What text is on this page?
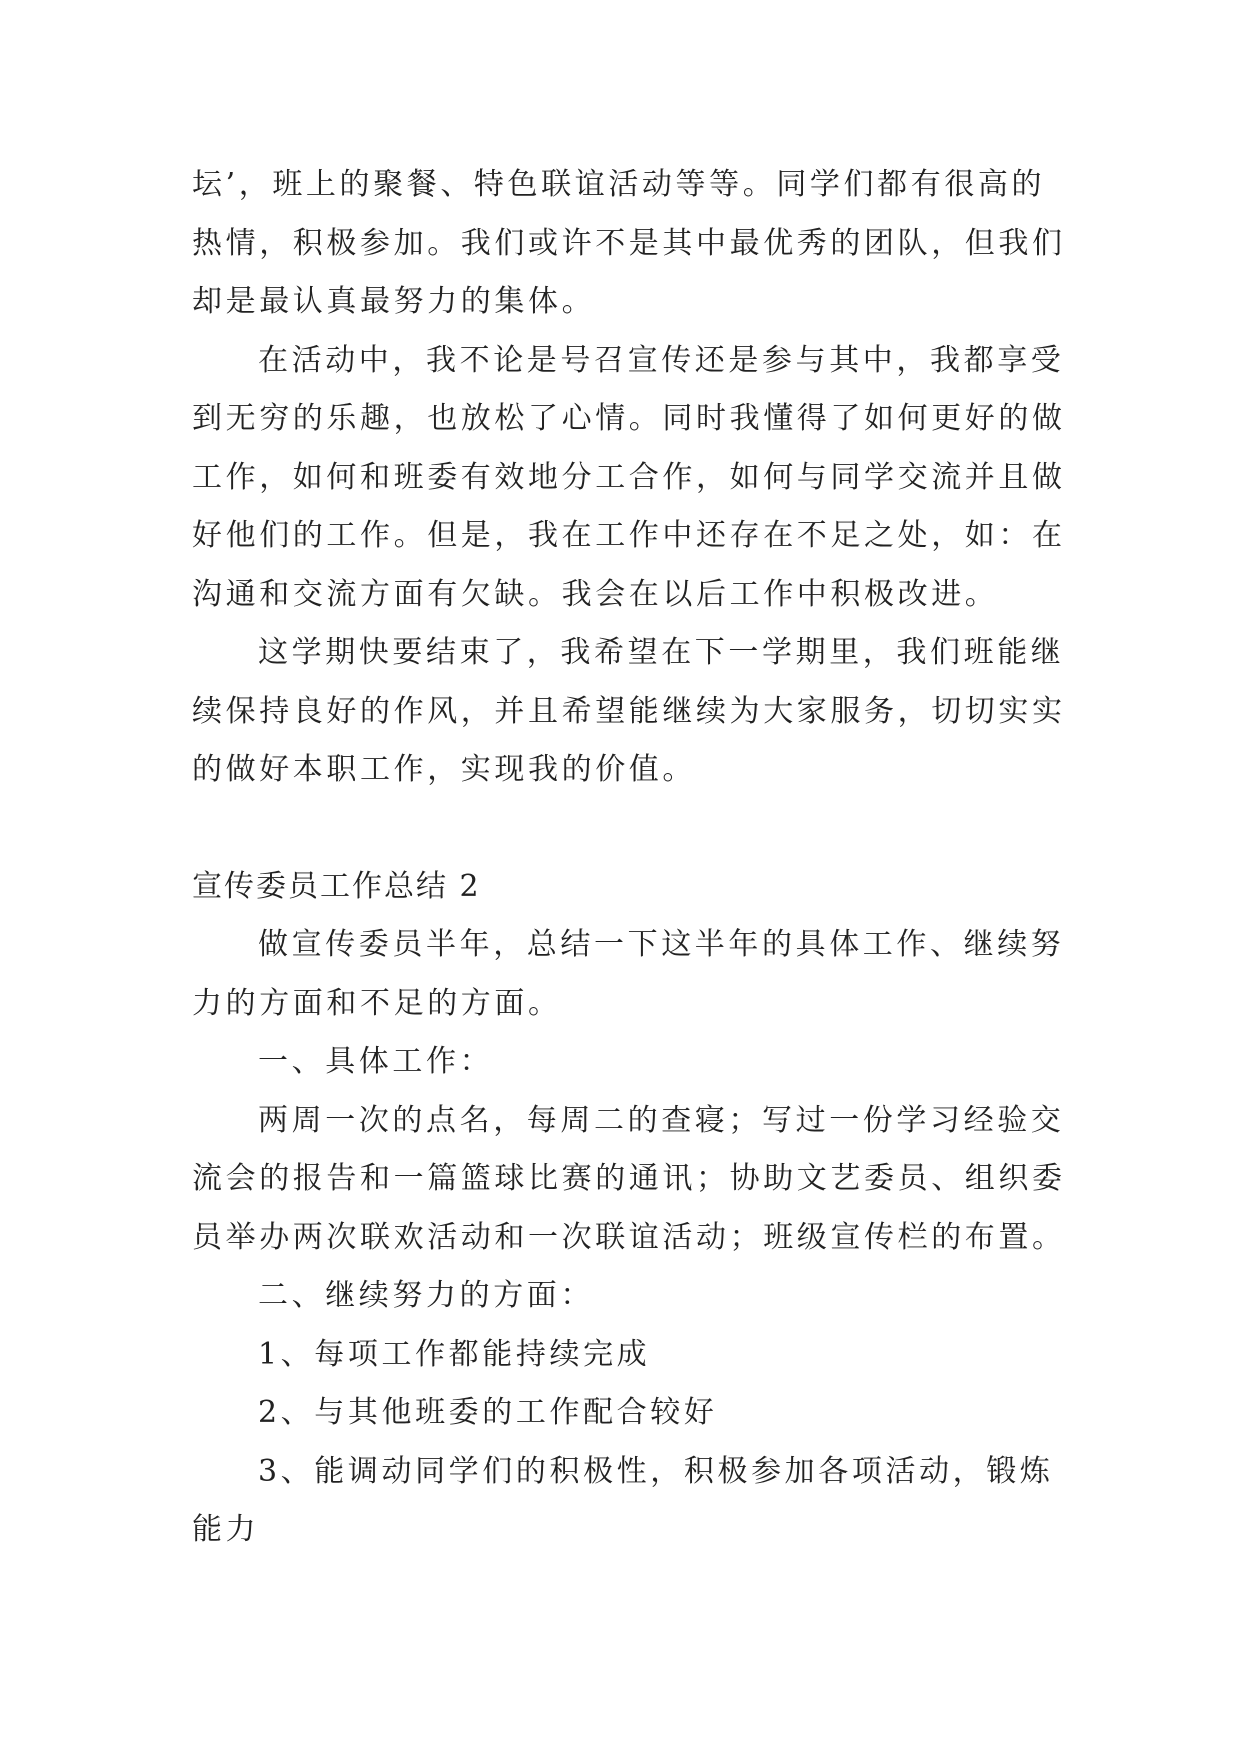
坛’，班上的聚餐、特色联谊活动等等。同学们都有很高的热情，积极参加。我们或许不是其中最优秀的团队，但我们却是最认真最努力的集体。

在活动中，我不论是号召宣传还是参与其中，我都享受到无穷的乐趣，也放松了心情。同时我懂得了如何更好的做工作，如何和班委有效地分工合作，如何与同学交流并且做好他们的工作。但是，我在工作中还存在不足之处，如：在沟通和交流方面有欠缺。我会在以后工作中积极改进。

这学期快要结束了，我希望在下一学期里，我们班能继续保持良好的作风，并且希望能继续为大家服务，切切实实的做好本职工作，实现我的价值。

宣传委员工作总结 2

做宣传委员半年，总结一下这半年的具体工作、继续努力的方面和不足的方面。

一、具体工作：

两周一次的点名，每周二的查寝；写过一份学习经验交流会的报告和一篇篮球比赛的通讯；协助文艺委员、组织委员举办两次联欢活动和一次联谊活动；班级宣传栏的布置。

二、继续努力的方面：

1、每项工作都能持续完成

2、与其他班委的工作配合较好

3、能调动同学们的积极性，积极参加各项活动，锻炼能力
